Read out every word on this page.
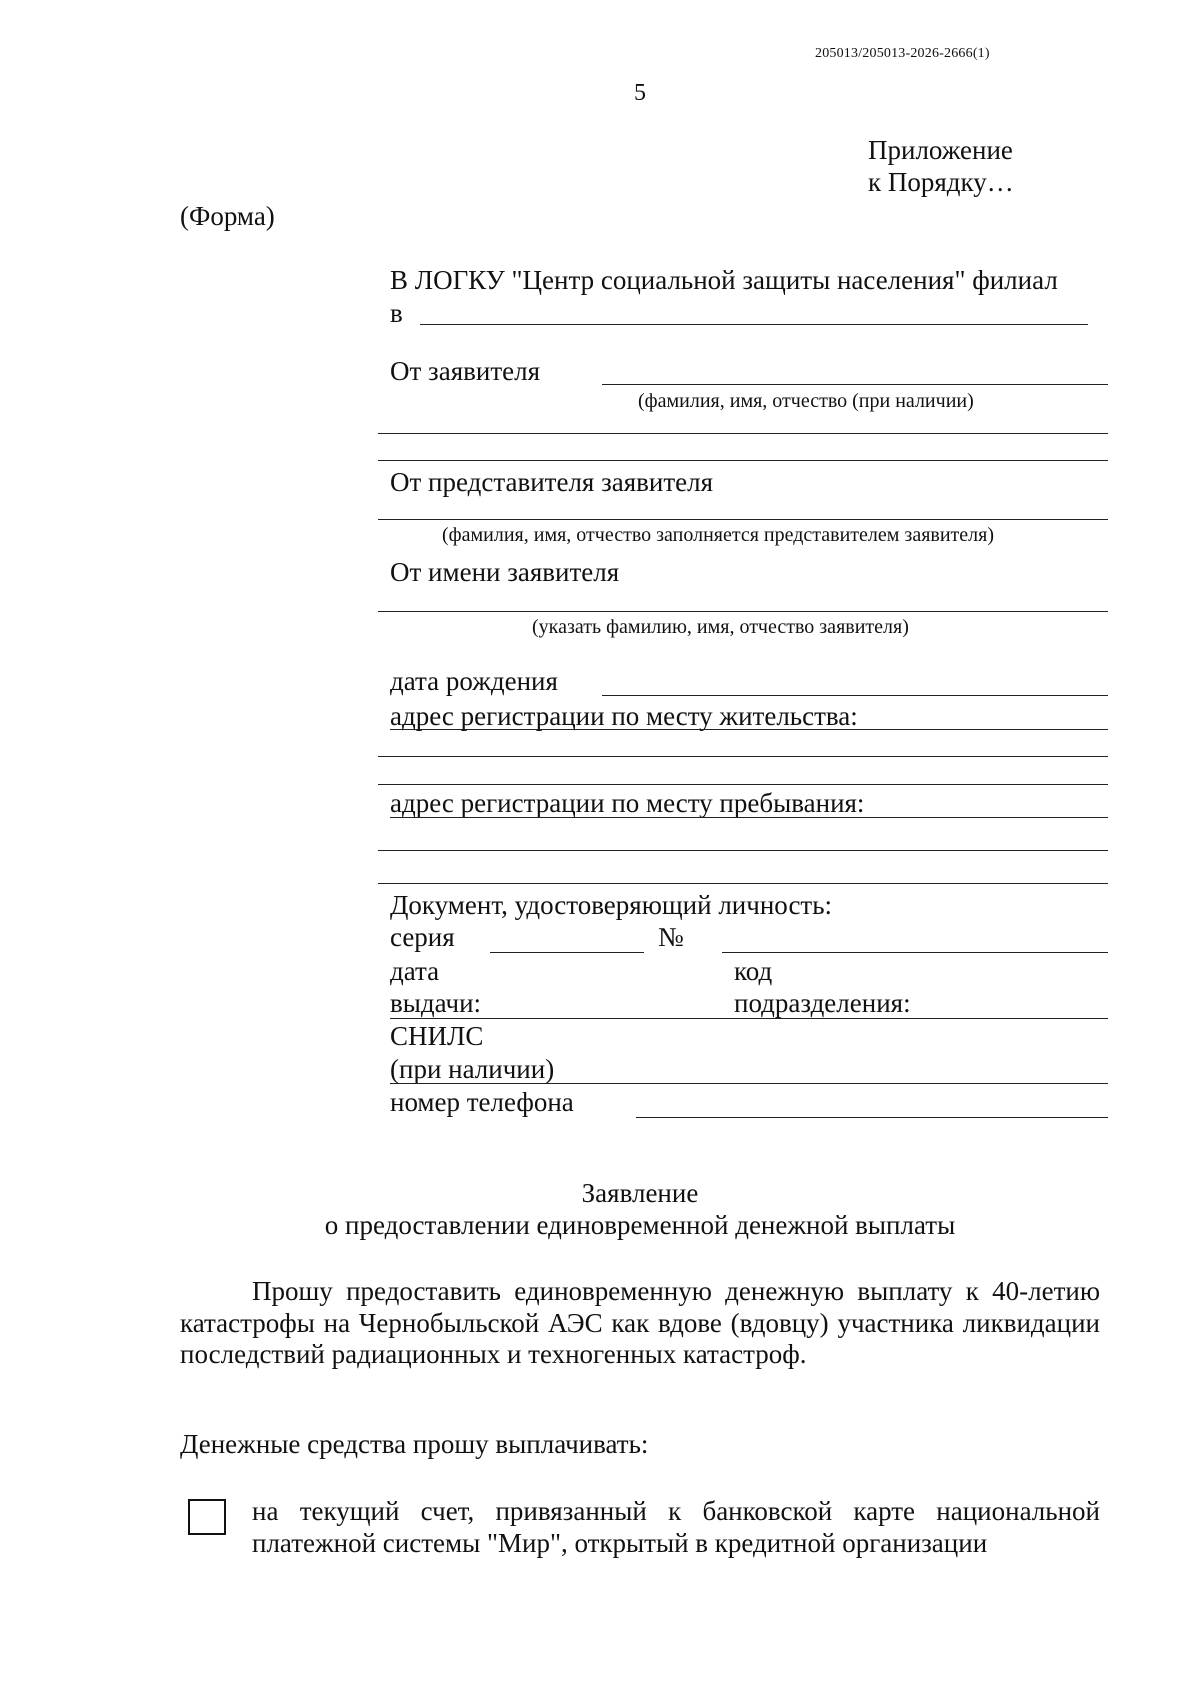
205013/205013-2026-2666(1)
5
Приложение
к Порядку…
(Форма)
В ЛОГКУ "Центр социальной защиты населения" филиал
в
От заявителя
(фамилия, имя, отчество (при наличии)
От представителя заявителя
(фамилия, имя, отчество заполняется представителем заявителя)
От имени заявителя
(указать фамилию, имя, отчество заявителя)
дата рождения
адрес регистрации по месту жительства:
адрес регистрации по месту пребывания:
Документ, удостоверяющий личность:
серия	№
дата
выдачи:
код
подразделения:
СНИЛС
(при наличии)
номер телефона
Заявление
о предоставлении единовременной денежной выплаты
Прошу предоставить единовременную денежную выплату к 40-летию катастрофы на Чернобыльской АЭС как вдове (вдовцу) участника ликвидации последствий радиационных и техногенных катастроф.
Денежные средства прошу выплачивать:
на текущий счет, привязанный к банковской карте национальной платежной системы "Мир", открытый в кредитной организации
